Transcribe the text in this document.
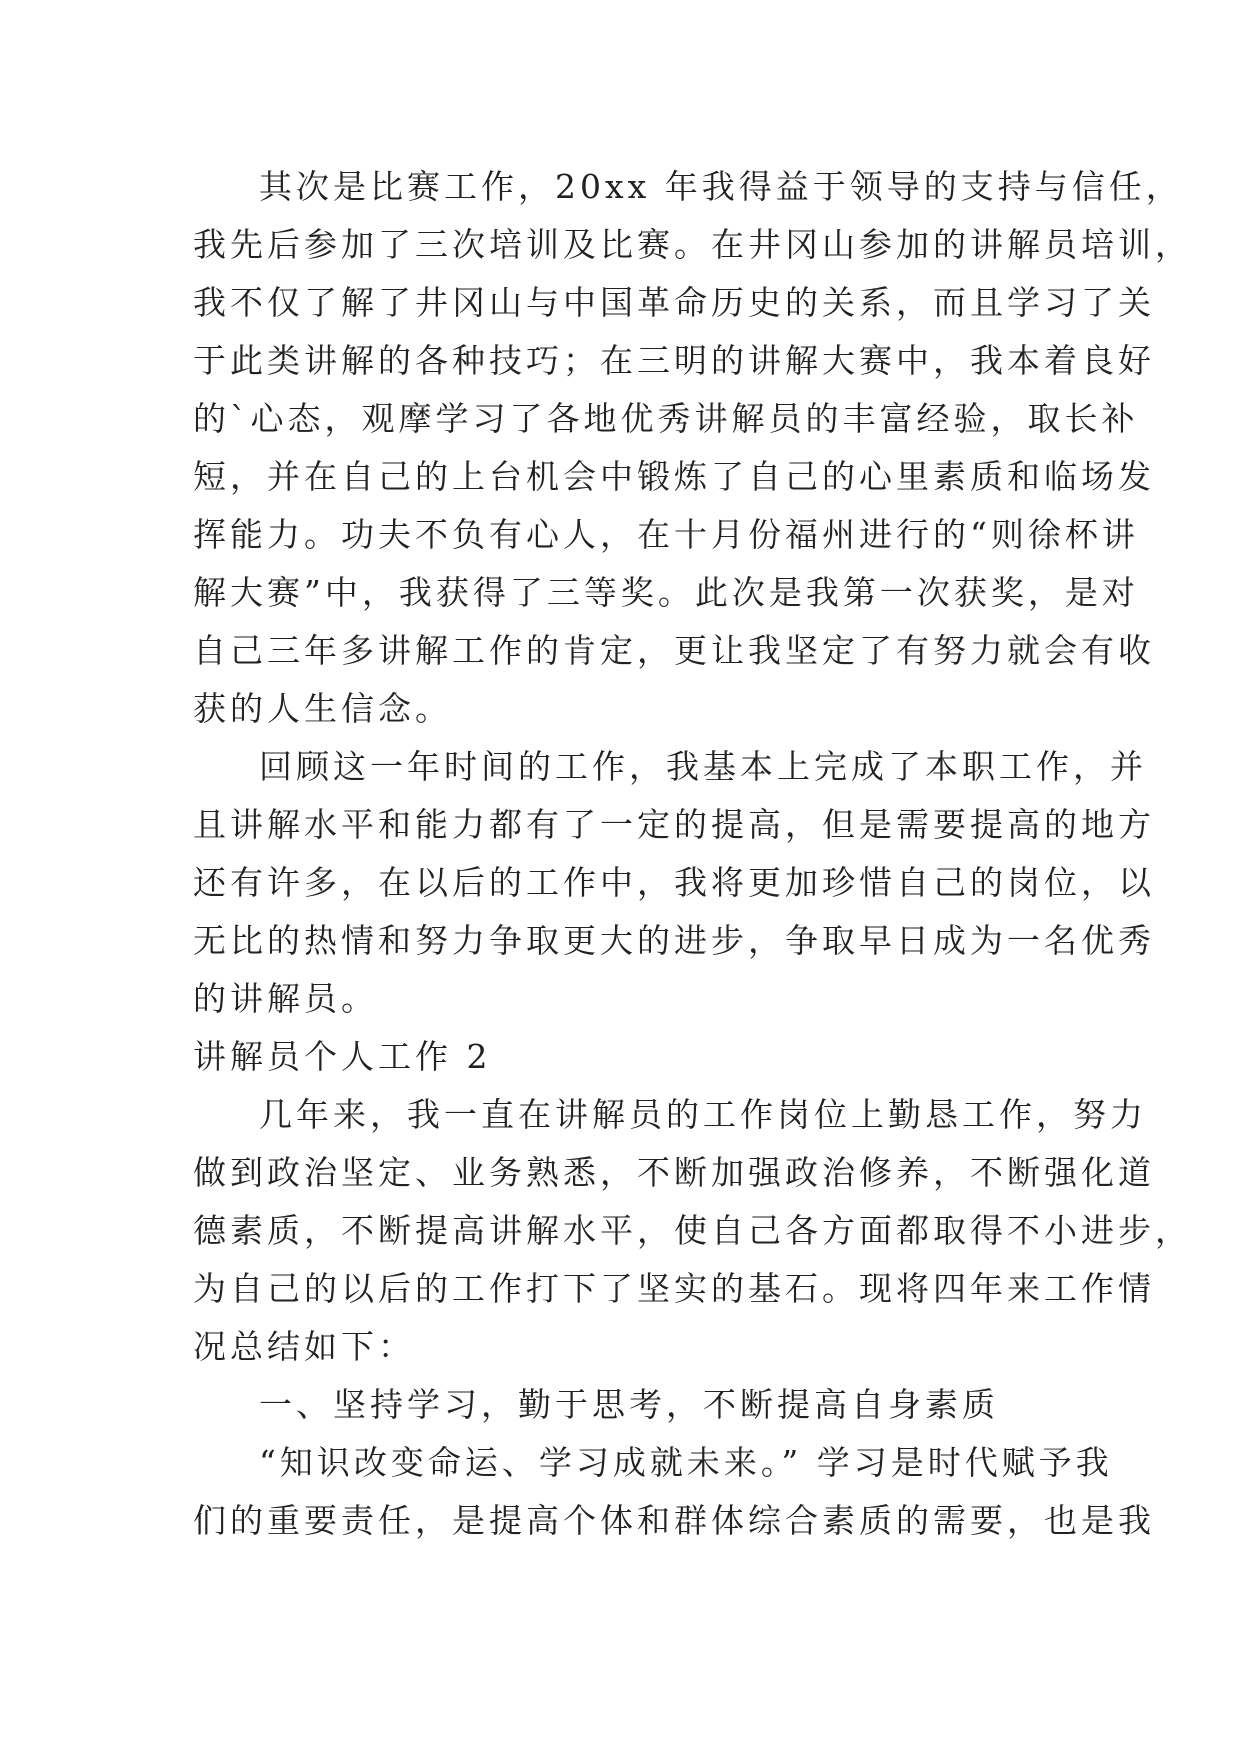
其次是比赛工作，20xx 年我得益于领导的支持与信任，
我先后参加了三次培训及比赛。在井冈山参加的讲解员培训，
我不仅了解了井冈山与中国革命历史的关系，而且学习了关
于此类讲解的各种技巧；在三明的讲解大赛中，我本着良好
的`心态，观摩学习了各地优秀讲解员的丰富经验，取长补
短，并在自己的上台机会中锻炼了自己的心里素质和临场发
挥能力。功夫不负有心人，在十月份福州进行的“则徐杯讲
解大赛”中，我获得了三等奖。此次是我第一次获奖，是对
自己三年多讲解工作的肯定，更让我坚定了有努力就会有收
获的人生信念。
回顾这一年时间的工作，我基本上完成了本职工作，并
且讲解水平和能力都有了一定的提高，但是需要提高的地方
还有许多，在以后的工作中，我将更加珍惜自己的岗位，以
无比的热情和努力争取更大的进步，争取早日成为一名优秀
的讲解员。
讲解员个人工作 2
几年来，我一直在讲解员的工作岗位上勤恳工作，努力
做到政治坚定、业务熟悉，不断加强政治修养，不断强化道
德素质，不断提高讲解水平，使自己各方面都取得不小进步，
为自己的以后的工作打下了坚实的基石。现将四年来工作情
况总结如下：
一、坚持学习，勤于思考，不断提高自身素质
“知识改变命运、学习成就未来。” 学习是时代赋予我
们的重要责任，是提高个体和群体综合素质的需要，也是我
